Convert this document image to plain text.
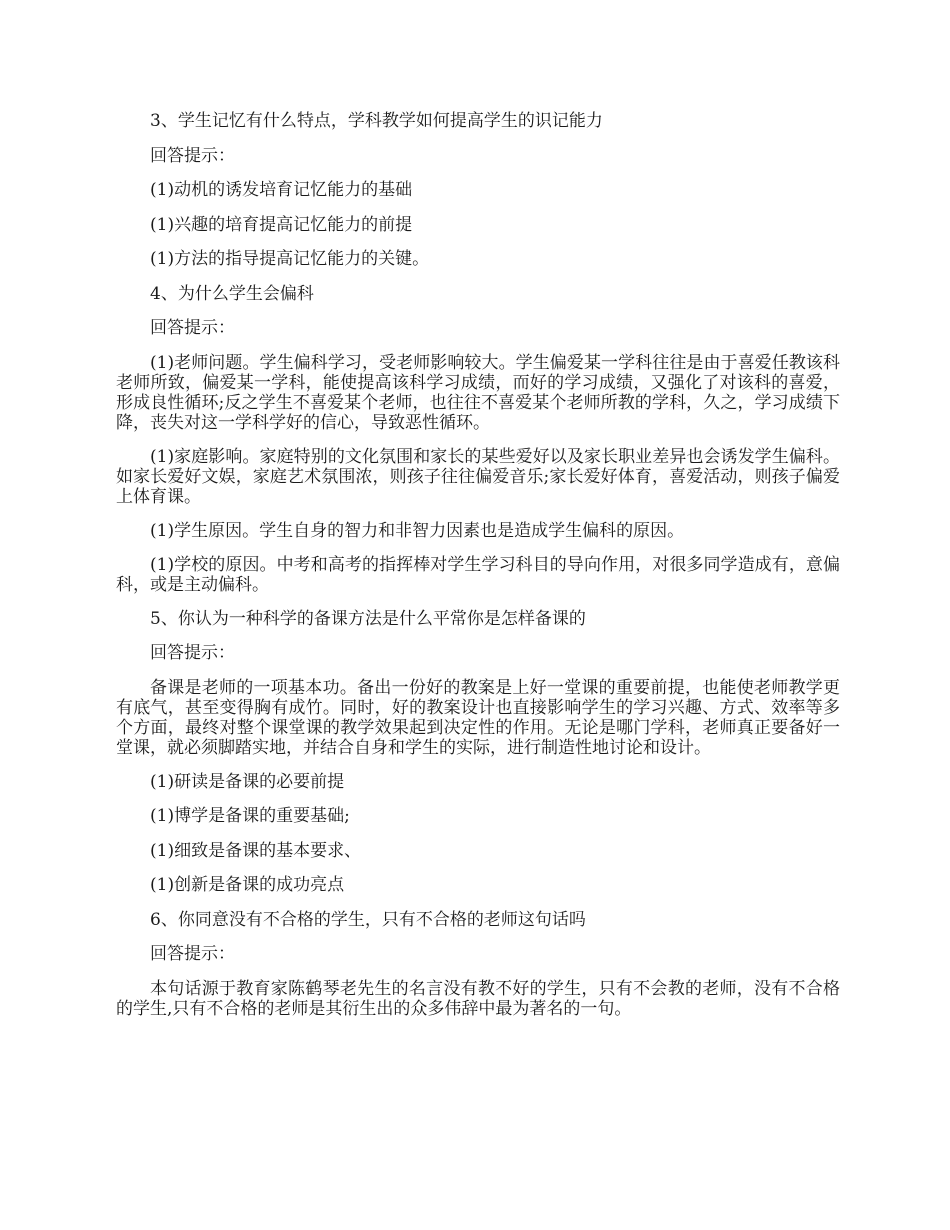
3、学生记忆有什么特点，学科教学如何提高学生的识记能力

回答提示：

(1)动机的诱发培育记忆能力的基础

(1)兴趣的培育提高记忆能力的前提

(1)方法的指导提高记忆能力的关键。

4、为什么学生会偏科

回答提示：

(1)老师问题。学生偏科学习，受老师影响较大。学生偏爱某一学科往往是由于喜爱任教该科老师所致，偏爱某一学科，能使提高该科学习成绩，而好的学习成绩，又强化了对该科的喜爱，形成良性循环;反之学生不喜爱某个老师，也往往不喜爱某个老师所教的学科，久之，学习成绩下降，丧失对这一学科学好的信心，导致恶性循环。

(1)家庭影响。家庭特别的文化氛围和家长的某些爱好以及家长职业差异也会诱发学生偏科。如家长爱好文娱，家庭艺术氛围浓，则孩子往往偏爱音乐;家长爱好体育，喜爱活动，则孩子偏爱上体育课。

(1)学生原因。学生自身的智力和非智力因素也是造成学生偏科的原因。

(1)学校的原因。中考和高考的指挥棒对学生学习科目的导向作用，对很多同学造成有，意偏科，或是主动偏科。

5、你认为一种科学的备课方法是什么平常你是怎样备课的

回答提示：

备课是老师的一项基本功。备出一份好的教案是上好一堂课的重要前提，也能使老师教学更有底气，甚至变得胸有成竹。同时，好的教案设计也直接影响学生的学习兴趣、方式、效率等多个方面，最终对整个课堂课的教学效果起到决定性的作用。无论是哪门学科，老师真正要备好一堂课，就必须脚踏实地，并结合自身和学生的实际，进行制造性地讨论和设计。

(1)研读是备课的必要前提

(1)博学是备课的重要基础;

(1)细致是备课的基本要求、

(1)创新是备课的成功亮点

6、你同意没有不合格的学生，只有不合格的老师这句话吗

回答提示：

本句话源于教育家陈鹤琴老先生的名言没有教不好的学生，只有不会教的老师，没有不合格的学生,只有不合格的老师是其衍生出的众多伟辞中最为著名的一句。
